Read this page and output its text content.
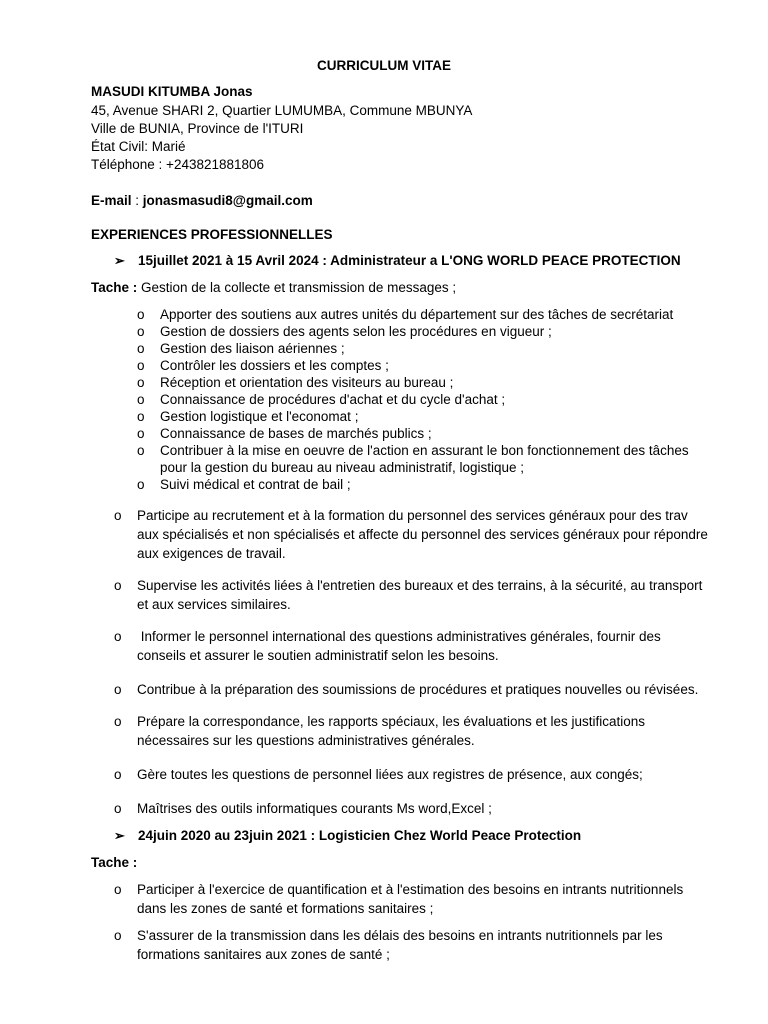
CURRICULUM VITAE
MASUDI KITUMBA Jonas
45, Avenue SHARI 2, Quartier LUMUMBA, Commune MBUNYA
Ville de BUNIA, Province de l'ITURI
État Civil: Marié
Téléphone : +243821881806
E-mail : jonasmasudi8@gmail.com
EXPERIENCES PROFESSIONNELLES
➢ 15juillet 2021 à 15 Avril 2024 : Administrateur a L'ONG WORLD PEACE PROTECTION
Tache : Gestion de la collecte et transmission de messages ;
o Apporter des soutiens aux autres unités du département sur des tâches de secrétariat
o Gestion de dossiers des agents selon les procédures en vigueur ;
o Gestion des liaison aériennes ;
o Contrôler les dossiers et les comptes ;
o Réception et orientation des visiteurs au bureau ;
o Connaissance de procédures d'achat et du cycle d'achat ;
o Gestion logistique et l'economat ;
o Connaissance de bases de marchés publics ;
o Contribuer à la mise en oeuvre de l'action en assurant le bon fonctionnement des tâches pour la gestion du bureau au niveau administratif, logistique ;
o Suivi médical et contrat de bail ;
o	Participe au recrutement et à la formation du personnel des services généraux pour des trav aux spécialisés et non spécialisés et affecte du personnel des services généraux pour répondre aux exigences de travail.
o	Supervise les activités liées à l'entretien des bureaux et des terrains, à la sécurité, au transport et aux services similaires.
o	Informer le personnel international des questions administratives générales, fournir des conseils et assurer le soutien administratif selon les besoins.
o	Contribue à la préparation des soumissions de procédures et pratiques nouvelles ou révisées.
o	Prépare la correspondance, les rapports spéciaux, les évaluations et les justifications nécessaires sur les questions administratives générales.
o	Gère toutes les questions de personnel liées aux registres de présence, aux congés;
o	Maîtrises des outils informatiques courants Ms word,Excel ;
➢ 24juin 2020 au 23juin 2021 : Logisticien Chez World Peace Protection
Tache :
o	Participer à l'exercice de quantification et à l'estimation des besoins en intrants nutritionnels dans les zones de santé et formations sanitaires ;
o	S'assurer de la transmission dans les délais des besoins en intrants nutritionnels par les formations sanitaires aux zones de santé ;
